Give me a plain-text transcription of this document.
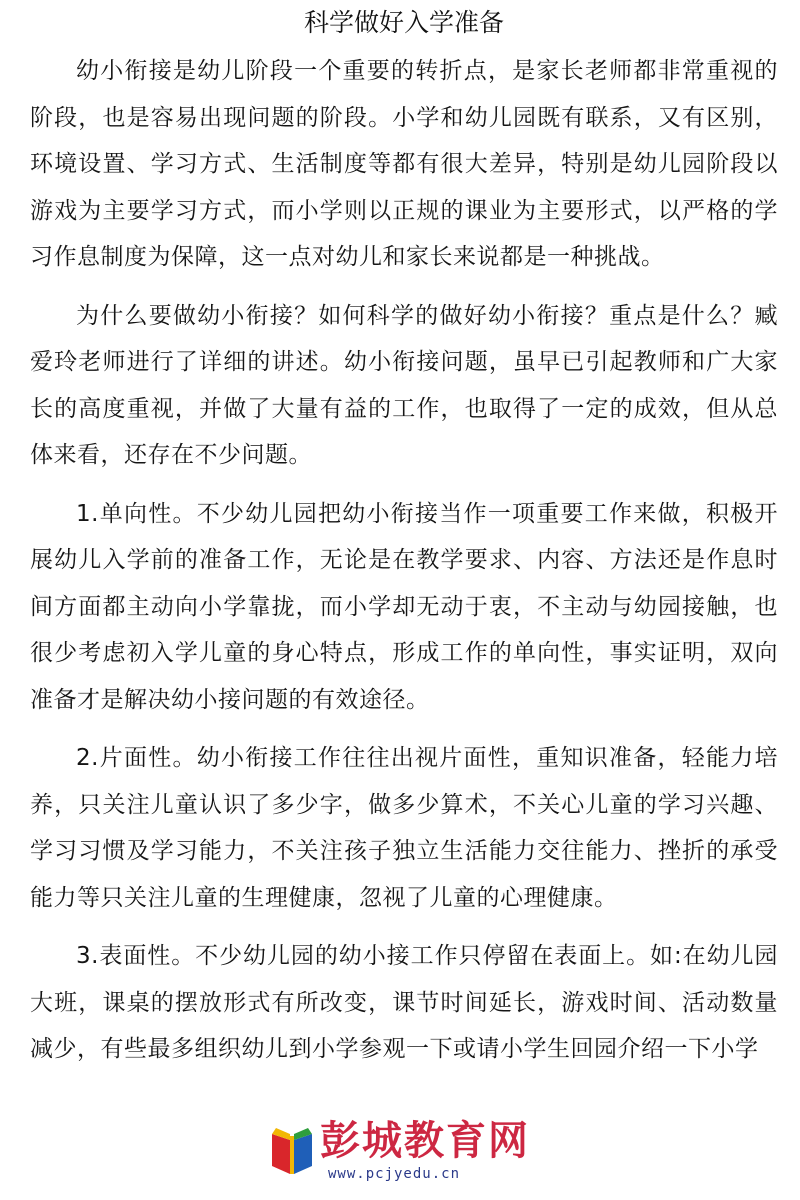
科学做好入学准备

幼小衔接是幼儿阶段一个重要的转折点，是家长老师都非常重视的阶段，也是容易出现问题的阶段。小学和幼儿园既有联系，又有区别，环境设置、学习方式、生活制度等都有很大差异，特别是幼儿园阶段以游戏为主要学习方式，而小学则以正规的课业为主要形式，以严格的学习作息制度为保障，这一点对幼儿和家长来说都是一种挑战。

为什么要做幼小衔接？如何科学的做好幼小衔接？重点是什么？臧爱玲老师进行了详细的讲述。幼小衔接问题，虽早已引起教师和广大家长的高度重视，并做了大量有益的工作，也取得了一定的成效，但从总体来看，还存在不少问题。

1.单向性。不少幼儿园把幼小衔接当作一项重要工作来做，积极开展幼儿入学前的准备工作，无论是在教学要求、内容、方法还是作息时间方面都主动向小学靠拢，而小学却无动于衷，不主动与幼园接触，也很少考虑初入学儿童的身心特点，形成工作的单向性，事实证明，双向准备才是解决幼小接问题的有效途径。

2.片面性。幼小衔接工作往往出视片面性，重知识准备，轻能力培养，只关注儿童认识了多少字，做多少算术，不关心儿童的学习兴趣、学习习惯及学习能力，不关注孩子独立生活能力交往能力、挫折的承受能力等只关注儿童的生理健康，忽视了儿童的心理健康。

3.表面性。不少幼儿园的幼小接工作只停留在表面上。如:在幼儿园大班，课桌的摆放形式有所改变，课节时间延长，游戏时间、活动数量减少，有些最多组织幼儿到小学参观一下或请小学生回园介绍一下小学

彭城教育网
www.pcjyedu.cn
